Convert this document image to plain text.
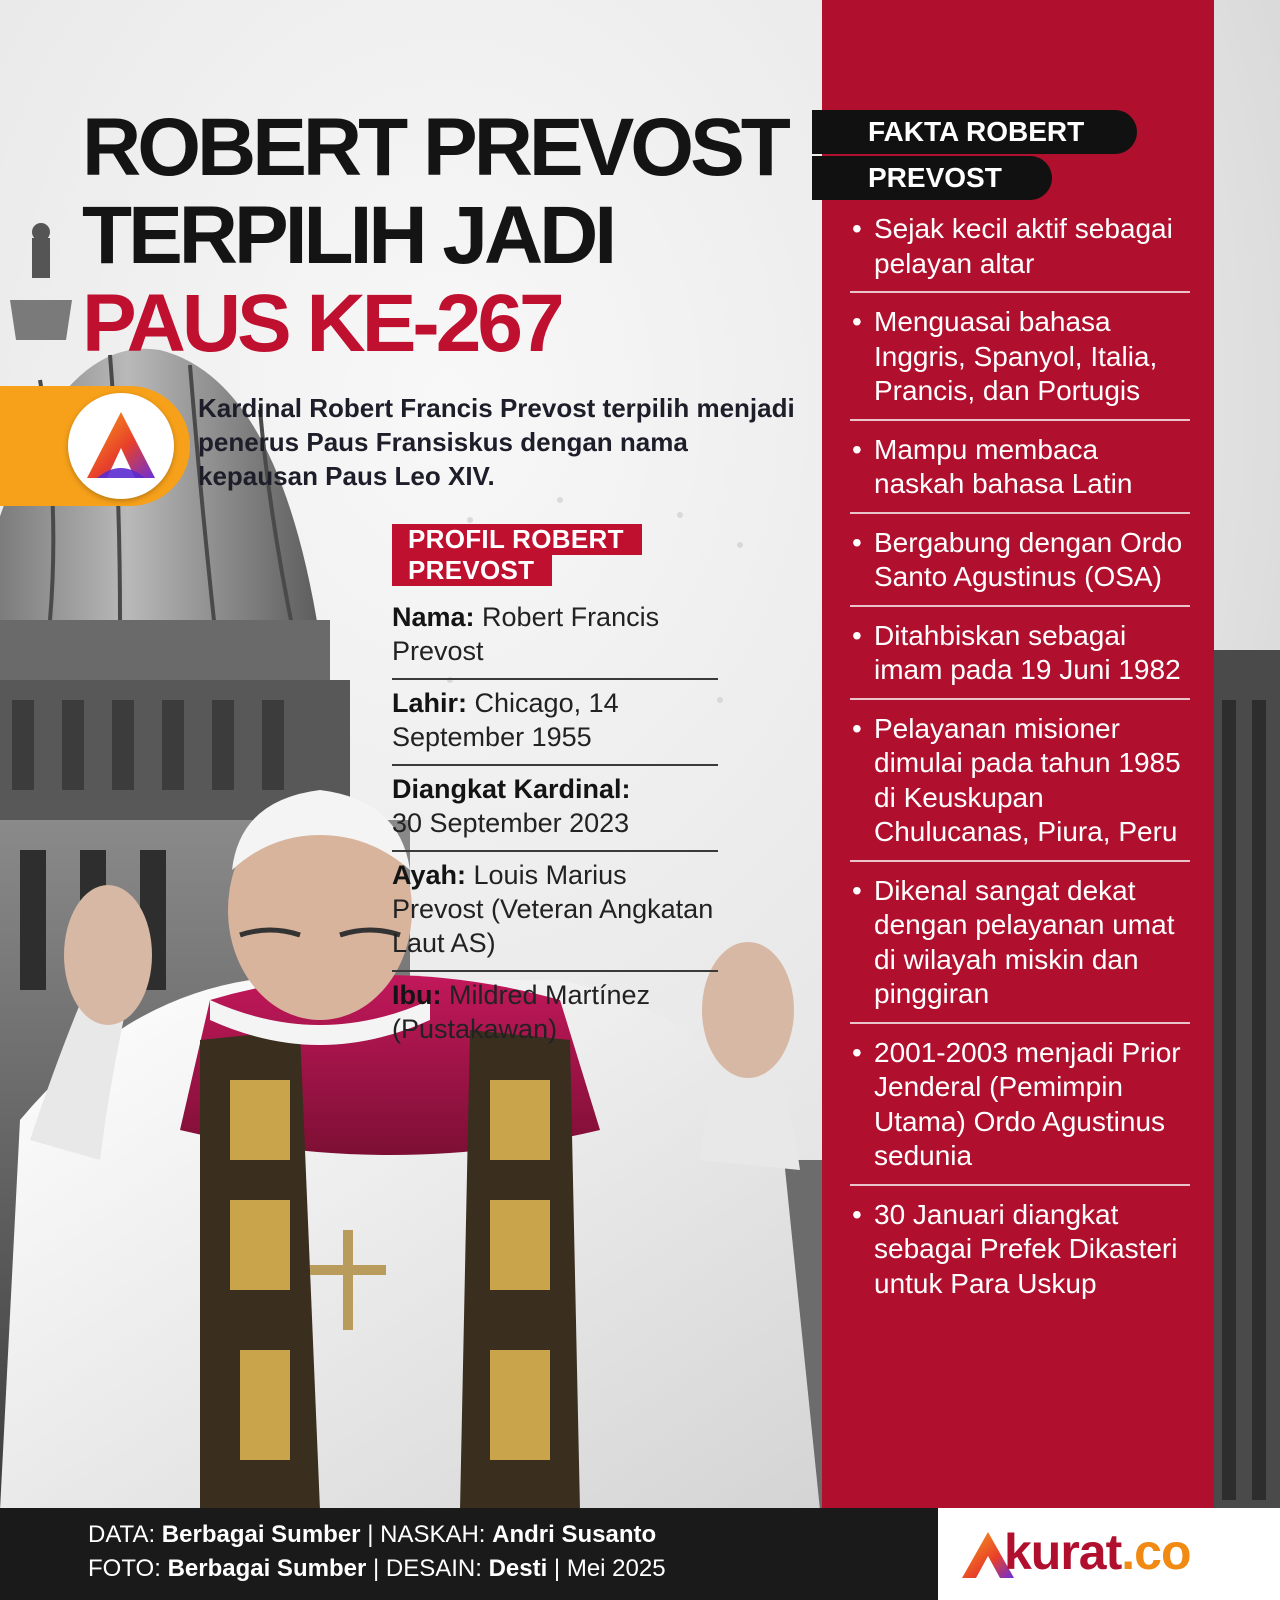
ROBERT PREVOST
TERPILIH JADI
PAUS KE-267

Kardinal Robert Francis Prevost terpilih menjadi penerus Paus Fransiskus dengan nama kepausan Paus Leo XIV.

PROFIL ROBERT
PREVOST
Nama: Robert Francis Prevost
Lahir: Chicago, 14 September 1955
Diangkat Kardinal:
30 September 2023
Ayah: Louis Marius Prevost (Veteran Angkatan Laut AS)
Ibu: Mildred Martínez (Pustakawan)
FAKTA ROBERT
PREVOST
• Sejak kecil aktif sebagai pelayan altar
• Menguasai bahasa Inggris, Spanyol, Italia, Prancis, dan Portugis
• Mampu membaca naskah bahasa Latin
• Bergabung dengan Ordo Santo Agustinus (OSA)
• Ditahbiskan sebagai imam pada 19 Juni 1982
• Pelayanan misioner dimulai pada tahun 1985 di Keuskupan Chulucanas, Piura, Peru
• Dikenal sangat dekat dengan pelayanan umat di wilayah miskin dan pinggiran
• 2001-2003 menjadi Prior Jenderal (Pemimpin Utama) Ordo Agustinus sedunia
• 30 Januari diangkat sebagai Prefek Dikasteri untuk Para Uskup
DATA: Berbagai Sumber | NASKAH: Andri Susanto
FOTO: Berbagai Sumber | DESAIN: Desti | Mei 2025	kurat.co
